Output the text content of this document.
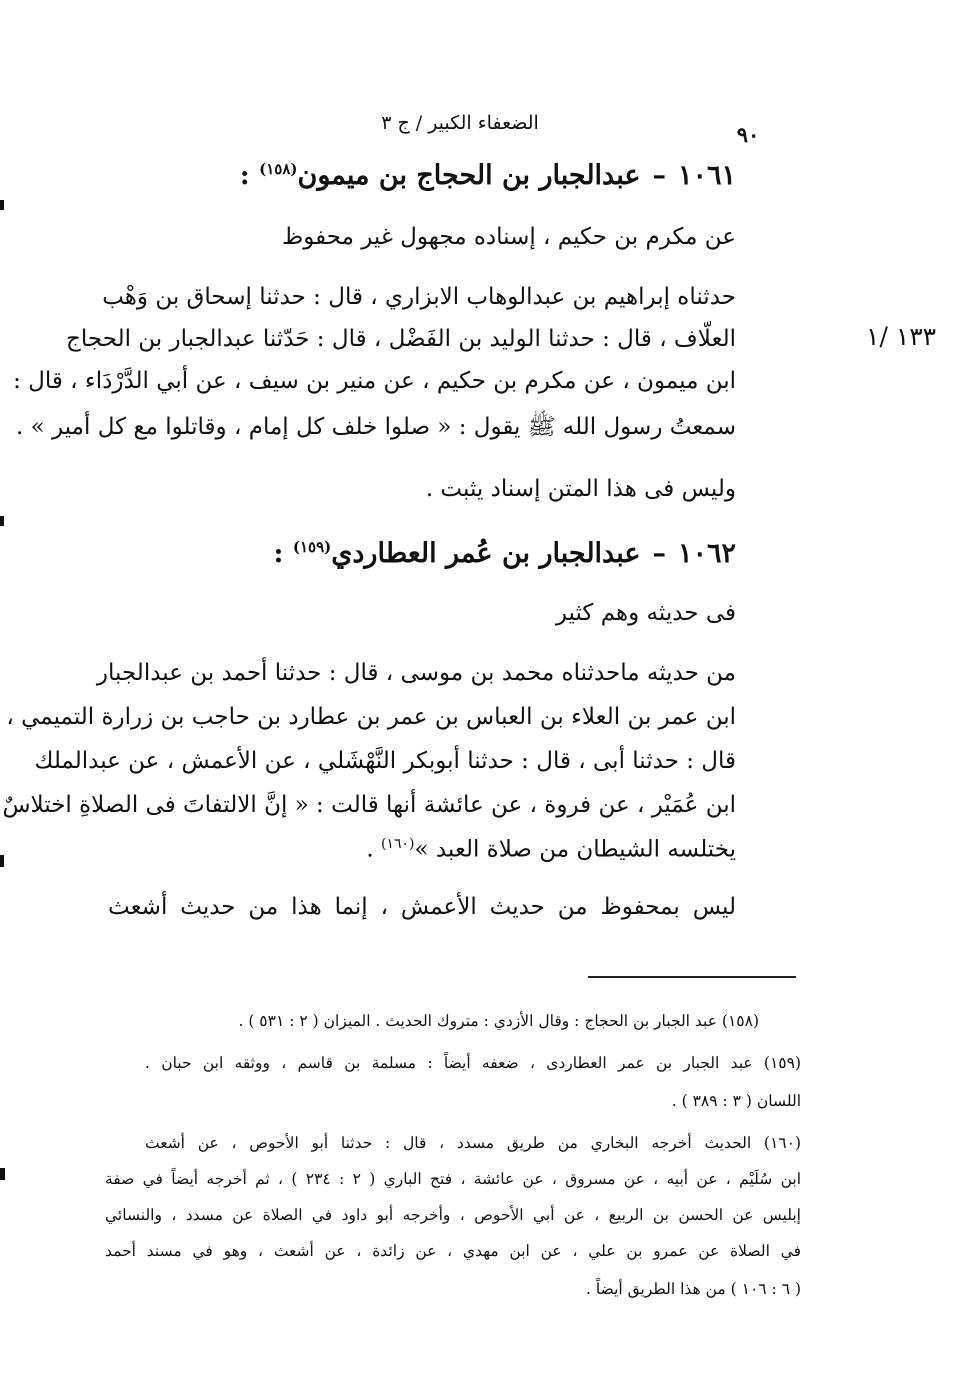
الضعفاء الكبير / ج ٣	٩٠
١٣٣ /١
١٠٦١–عبدالجبار بن الحجاج بن ميمون$^{(١٥٨)}$ :
عن مكرم بن حكيم ، إسناده مجهول غير محفوظ
حدثناه إبراهيم بن عبدالوهاب الابزاري ، قال : حدثنا إسحاق بن وَهْب
العلّاف ، قال : حدثنا الوليد بن الفَضْل ، قال : حَدّثنا عبدالجبار بن الحجاج
ابن ميمون ، عن مكرم بن حكيم ، عن منير بن سيف ، عن أبي الدَّرْدَاء ، قال :
سمعتُ رسول الله ﷺ يقول : « صلوا خلف كل إمام ، وقاتلوا مع كل أمير » .
وليس فى هذا المتن إسناد يثبت .
١٠٦٢–عبدالجبار بن عُمر العطاردي$^{(١٥٩)}$ :
فى حديثه وهم كثير
من حديثه ماحدثناه محمد بن موسى ، قال : حدثنا أحمد بن عبدالجبار
ابن عمر بن العلاء بن العباس بن عمر بن عطارد بن حاجب بن زرارة التميمي ،
قال : حدثنا أبى ، قال : حدثنا أبوبكر النَّهْشَلي ، عن الأعمش ، عن عبدالملك
ابن عُمَيْر ، عن فروة ، عن عائشة أنها قالت : « إنَّ الالتفاتَ فى الصلاةِ اختلاسٌ
يختلسه الشيطان من صلاة العبد »$^{(١٦٠)}$ .
ليس بمحفوظ من حديث الأعمش ، إنما هذا من حديث أشعث
(١٥٨) عبد الجبار بن الحجاج : وقال الأزدي : متروك الحديث . الميزان ( ٢ : ٥٣١ ) .
(١٥٩) عبد الجبار بن عمر العطاردى ، ضعفه أيضاً : مسلمة بن قاسم ، ووثقه ابن حبان .
اللسان ( ٣ : ٣٨٩ ) .
(١٦٠) الحديث أخرجه البخاري من طريق مسدد ، قال : حدثنا أبو الأحوص ، عن أشعث
ابن سُلَيْم ، عن أبيه ، عن مسروق ، عن عائشة ، فتح الباري ( ٢ : ٢٣٤ ) ، ثم أخرجه أيضاً في صفة
إبليس عن الحسن بن الربيع ، عن أبي الأحوص ، وأخرجه أبو داود في الصلاة عن مسدد ، والنسائي
في الصلاة عن عمرو بن علي ، عن ابن مهدي ، عن زائدة ، عن أشعث ، وهو في مسند أحمد
( ٦ : ١٠٦ ) من هذا الطريق أيضاً .
